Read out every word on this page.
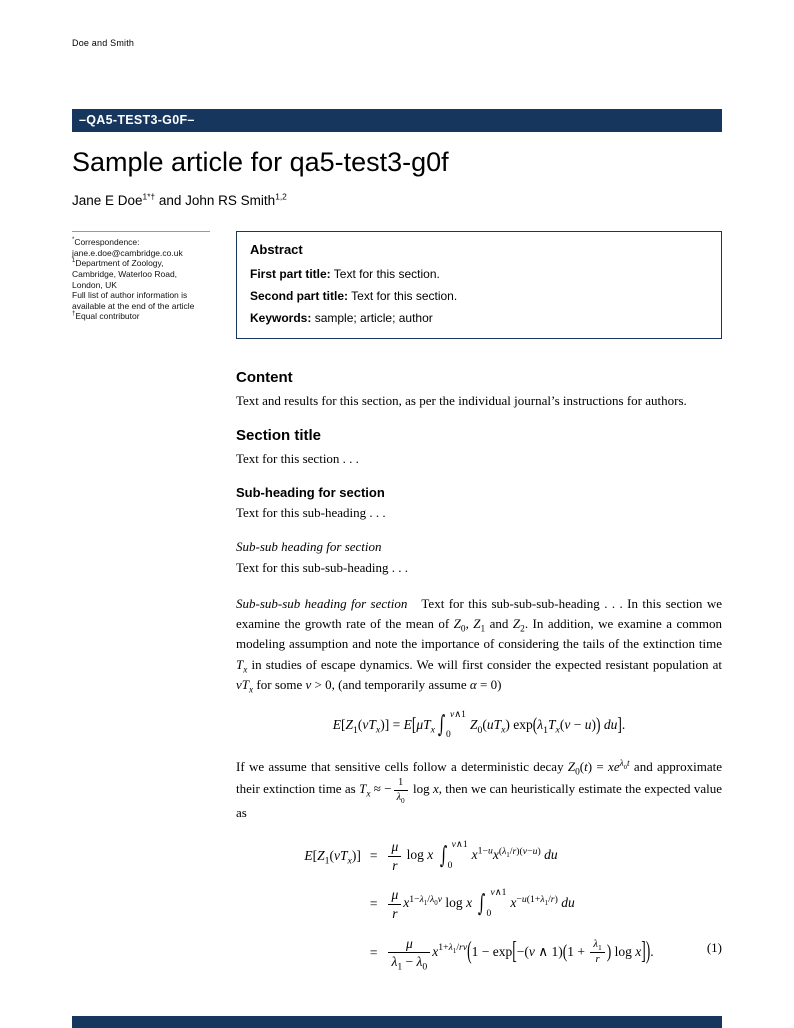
Doe and Smith
–QA5-TEST3-G0F–
Sample article for qa5-test3-g0f
Jane E Doe$^{1*\dagger}$ and John RS Smith$^{1,2}$
*Correspondence:
jane.e.doe@cambridge.co.uk
$^1$Department of Zoology,
Cambridge, Waterloo Road,
London, UK
Full list of author information is
available at the end of the article
†Equal contributor
Abstract

First part title: Text for this section.

Second part title: Text for this section.

Keywords: sample; article; author

Content

Text and results for this section, as per the individual journal’s instructions for authors.

Section title

Text for this section . . .

Sub-heading for section

Text for this sub-heading . . .

Sub-sub heading for section

Text for this sub-sub-heading . . .

Sub-sub-sub heading for section Text for this sub-sub-sub-heading . . . In this section we examine the growth rate of the mean of $Z_0$, $Z_1$ and $Z_2$. In addition, we examine a common modeling assumption and note the importance of considering the tails of the extinction time $T_x$ in studies of escape dynamics. We will first consider the expected resistant population at $vT_x$ for some v > 0, (and temporarily assume α = 0)

$E[Z_1(vT_x)] = E[\mu T_x$ ∫ v∧1
0
$Z_0(uT_x) \exp(\lambda_1T_x(v - u))$ du].

If we assume that sensitive cells follow a deterministic decay $Z_0(t) = xe^{\lambda_0t}$ and approximate their extinction time as $T_x$ ≈ − $\frac{1}{\lambda_0}$ log x, then we can heuristically estimate the expected value as

$E[Z_1(vT_x)] = \frac{\mu}{r}$ log x ∫ v∧1
0
$x^{1-u}x^{(\lambda_1/r)(v-u)}$ du
= $\frac{\mu}{r} x^{1-\lambda_1/\lambda_0v}$ log x ∫ v∧1
0
$x^{-u(1+\lambda_1/r)}$ du
= $\frac{\mu}{\lambda_1 - \lambda_0} x^{1+\lambda_1/rv}(1 - \exp[-(v$ ∧ $1)(1 + \frac{\lambda_1}{r}$ ) log x]).	(1)
